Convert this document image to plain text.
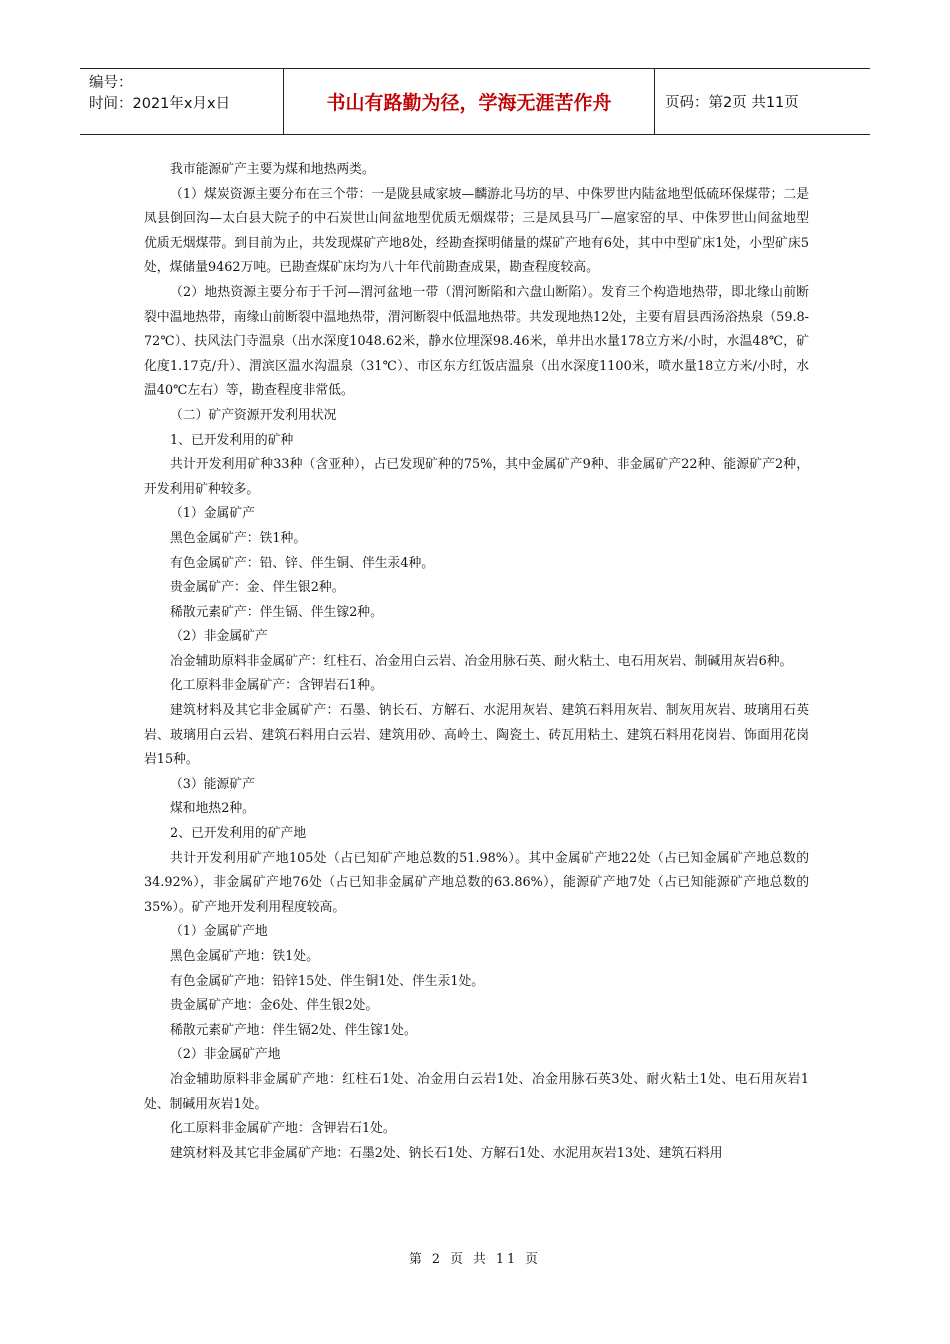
编号：
时间：2021年x月x日	书山有路勤为径，学海无涯苦作舟	页码：第2页 共11页

我市能源矿产主要为煤和地热两类。

（1）煤炭资源主要分布在三个带：一是陇县咸家坡—麟游北马坊的早、中侏罗世内陆盆地型低硫环保煤带；二是凤县倒回沟—太白县大院子的中石炭世山间盆地型优质无烟煤带；三是凤县马厂—扈家窑的早、中侏罗世山间盆地型优质无烟煤带。到目前为止，共发现煤矿产地8处，经勘查探明储量的煤矿产地有6处，其中中型矿床1处，小型矿床5处，煤储量9462万吨。已勘查煤矿床均为八十年代前勘查成果，勘查程度较高。

（2）地热资源主要分布于千河—渭河盆地一带（渭河断陷和六盘山断陷）。发育三个构造地热带，即北缘山前断裂中温地热带，南缘山前断裂中温地热带，渭河断裂中低温地热带。共发现地热12处，主要有眉县西汤浴热泉（59.8-72℃）、扶风法门寺温泉（出水深度1048.62米，静水位埋深98.46米，单井出水量178立方米/小时，水温48℃，矿化度1.17克/升）、渭滨区温水沟温泉（31℃）、市区东方红饭店温泉（出水深度1100米，喷水量18立方米/小时，水温40℃左右）等，勘查程度非常低。

（二）矿产资源开发利用状况

1、已开发利用的矿种

共计开发利用矿种33种（含亚种），占已发现矿种的75%，其中金属矿产9种、非金属矿产22种、能源矿产2种，开发利用矿种较多。

（1）金属矿产

黑色金属矿产：铁1种。

有色金属矿产：铅、锌、伴生铜、伴生汞4种。

贵金属矿产：金、伴生银2种。

稀散元素矿产：伴生镉、伴生镓2种。

（2）非金属矿产

冶金辅助原料非金属矿产：红柱石、冶金用白云岩、冶金用脉石英、耐火粘土、电石用灰岩、制碱用灰岩6种。

化工原料非金属矿产：含钾岩石1种。

建筑材料及其它非金属矿产：石墨、钠长石、方解石、水泥用灰岩、建筑石料用灰岩、制灰用灰岩、玻璃用石英岩、玻璃用白云岩、建筑石料用白云岩、建筑用砂、高岭土、陶瓷土、砖瓦用粘土、建筑石料用花岗岩、饰面用花岗岩15种。

（3）能源矿产

煤和地热2种。

2、已开发利用的矿产地

共计开发利用矿产地105处（占已知矿产地总数的51.98%）。其中金属矿产地22处（占已知金属矿产地总数的34.92%），非金属矿产地76处（占已知非金属矿产地总数的63.86%），能源矿产地7处（占已知能源矿产地总数的35%）。矿产地开发利用程度较高。

（1）金属矿产地

黑色金属矿产地：铁1处。

有色金属矿产地：铅锌15处、伴生铜1处、伴生汞1处。

贵金属矿产地：金6处、伴生银2处。

稀散元素矿产地：伴生镉2处、伴生镓1处。

（2）非金属矿产地

冶金辅助原料非金属矿产地：红柱石1处、冶金用白云岩1处、冶金用脉石英3处、耐火粘土1处、电石用灰岩1处、制碱用灰岩1处。

化工原料非金属矿产地：含钾岩石1处。

建筑材料及其它非金属矿产地：石墨2处、钠长石1处、方解石1处、水泥用灰岩13处、建筑石料用

第 2 页 共 11 页
